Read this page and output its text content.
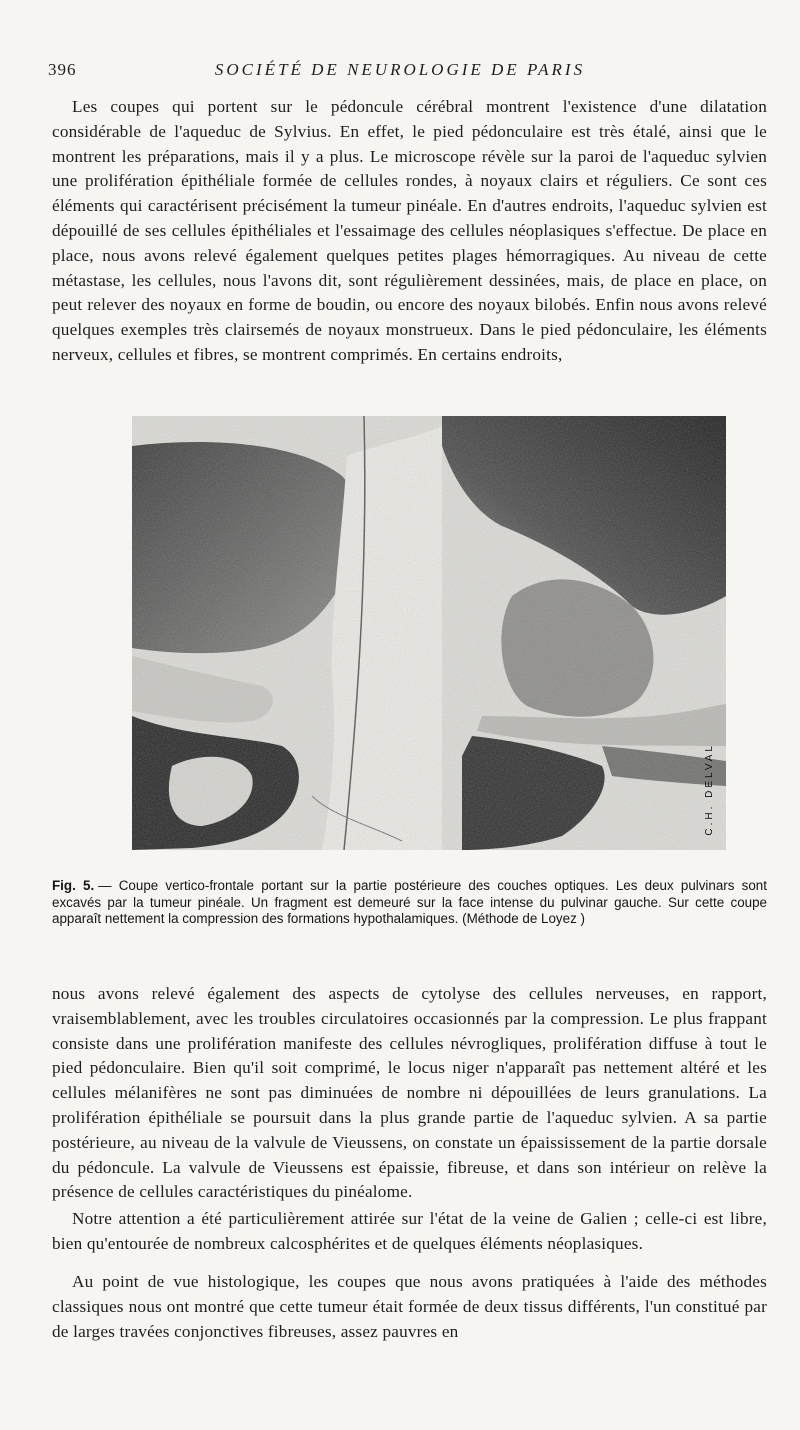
396	SOCIÉTÉ DE NEUROLOGIE DE PARIS

Les coupes qui portent sur le pédoncule cérébral montrent l'existence d'une dilatation considérable de l'aqueduc de Sylvius. En effet, le pied pédonculaire est très étalé, ainsi que le montrent les préparations, mais il y a plus. Le microscope révèle sur la paroi de l'aqueduc sylvien une prolifération épithéliale formée de cellules rondes, à noyaux clairs et réguliers. Ce sont ces éléments qui caractérisent précisément la tumeur pinéale. En d'autres endroits, l'aqueduc sylvien est dépouillé de ses cellules épithéliales et l'essaimage des cellules néoplasiques s'effectue. De place en place, nous avons relevé également quelques petites plages hémorragiques. Au niveau de cette métastase, les cellules, nous l'avons dit, sont régulièrement dessinées, mais, de place en place, on peut relever des noyaux en forme de boudin, ou encore des noyaux bilobés. Enfin nous avons relevé quelques exemples très clairsemés de noyaux monstrueux. Dans le pied pédonculaire, les éléments nerveux, cellules et fibres, se montrent comprimés. En certains endroits,

C.H. DELVAL

Fig. 5. — Coupe vertico-frontale portant sur la partie postérieure des couches optiques. Les deux pulvinars sont excavés par la tumeur pinéale. Un fragment est demeuré sur la face intense du pulvinar gauche. Sur cette coupe apparaît nettement la compression des formations hypothalamiques. (Méthode de Loyez )

nous avons relevé également des aspects de cytolyse des cellules nerveuses, en rapport, vraisemblablement, avec les troubles circulatoires occasionnés par la compression. Le plus frappant consiste dans une prolifération manifeste des cellules névrogliques, prolifération diffuse à tout le pied pédonculaire. Bien qu'il soit comprimé, le locus niger n'apparaît pas nettement altéré et les cellules mélanifères ne sont pas diminuées de nombre ni dépouillées de leurs granulations. La prolifération épithéliale se poursuit dans la plus grande partie de l'aqueduc sylvien. A sa partie postérieure, au niveau de la valvule de Vieussens, on constate un épaississement de la partie dorsale du pédoncule. La valvule de Vieussens est épaissie, fibreuse, et dans son intérieur on relève la présence de cellules caractéristiques du pinéalome.

Notre attention a été particulièrement attirée sur l'état de la veine de Galien ; celle-ci est libre, bien qu'entourée de nombreux calcosphérites et de quelques éléments néoplasiques.

Au point de vue histologique, les coupes que nous avons pratiquées à l'aide des méthodes classiques nous ont montré que cette tumeur était formée de deux tissus différents, l'un constitué par de larges travées conjonctives fibreuses, assez pauvres en
